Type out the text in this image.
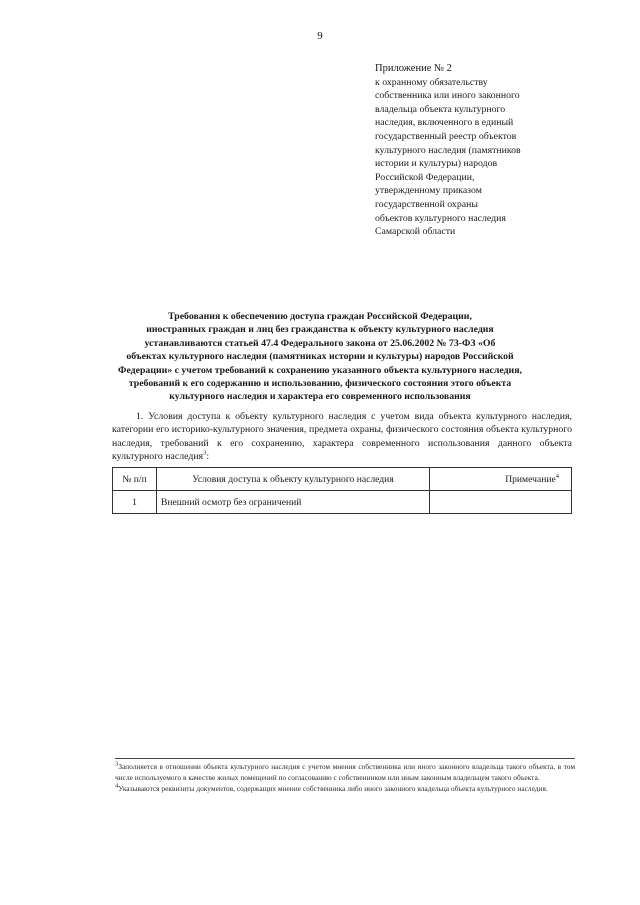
9
Приложение № 2
к охранному обязательству
собственника или иного законного
владельца объекта культурного
наследия, включенного в единый
государственный реестр объектов
культурного наследия (памятников
истории и культуры) народов
Российской Федерации,
утвержденному приказом
государственной охраны
объектов культурного наследия
Самарской области
Требования к обеспечению доступа граждан Российской Федерации,
иностранных граждан и лиц без гражданства к объекту культурного наследия
устанавливаются статьей 47.4 Федерального закона от 25.06.2002 № 73-ФЗ «Об
объектах культурного наследия (памятниках истории и культуры) народов Российской
Федерации» с учетом требований к сохранению указанного объекта культурного наследия,
требований к его содержанию и использованию, физического состояния этого объекта
культурного наследия и характера его современного использования
1. Условия доступа к объекту культурного наследия с учетом вида объекта культурного наследия, категории его историко-культурного значения, предмета охраны, физического состояния объекта культурного наследия, требований к его сохранению, характера современного использования данного объекта культурного наследия$^3$:
№ п/п	Условия доступа к объекту культурного наследия	Примечание$^4$
1	Внешний осмотр без ограничений	

$^3$Заполняется в отношении объекта культурного наследия с учетом мнения собственника или иного законного владельца такого объекта, в том числе используемого в качестве жилых помещений по согласованию с собственником или иным законным владельцем такого объекта.

$^4$Указываются реквизиты документов, содержащих мнение собственника либо иного законного владельца объекта культурного наследия.
